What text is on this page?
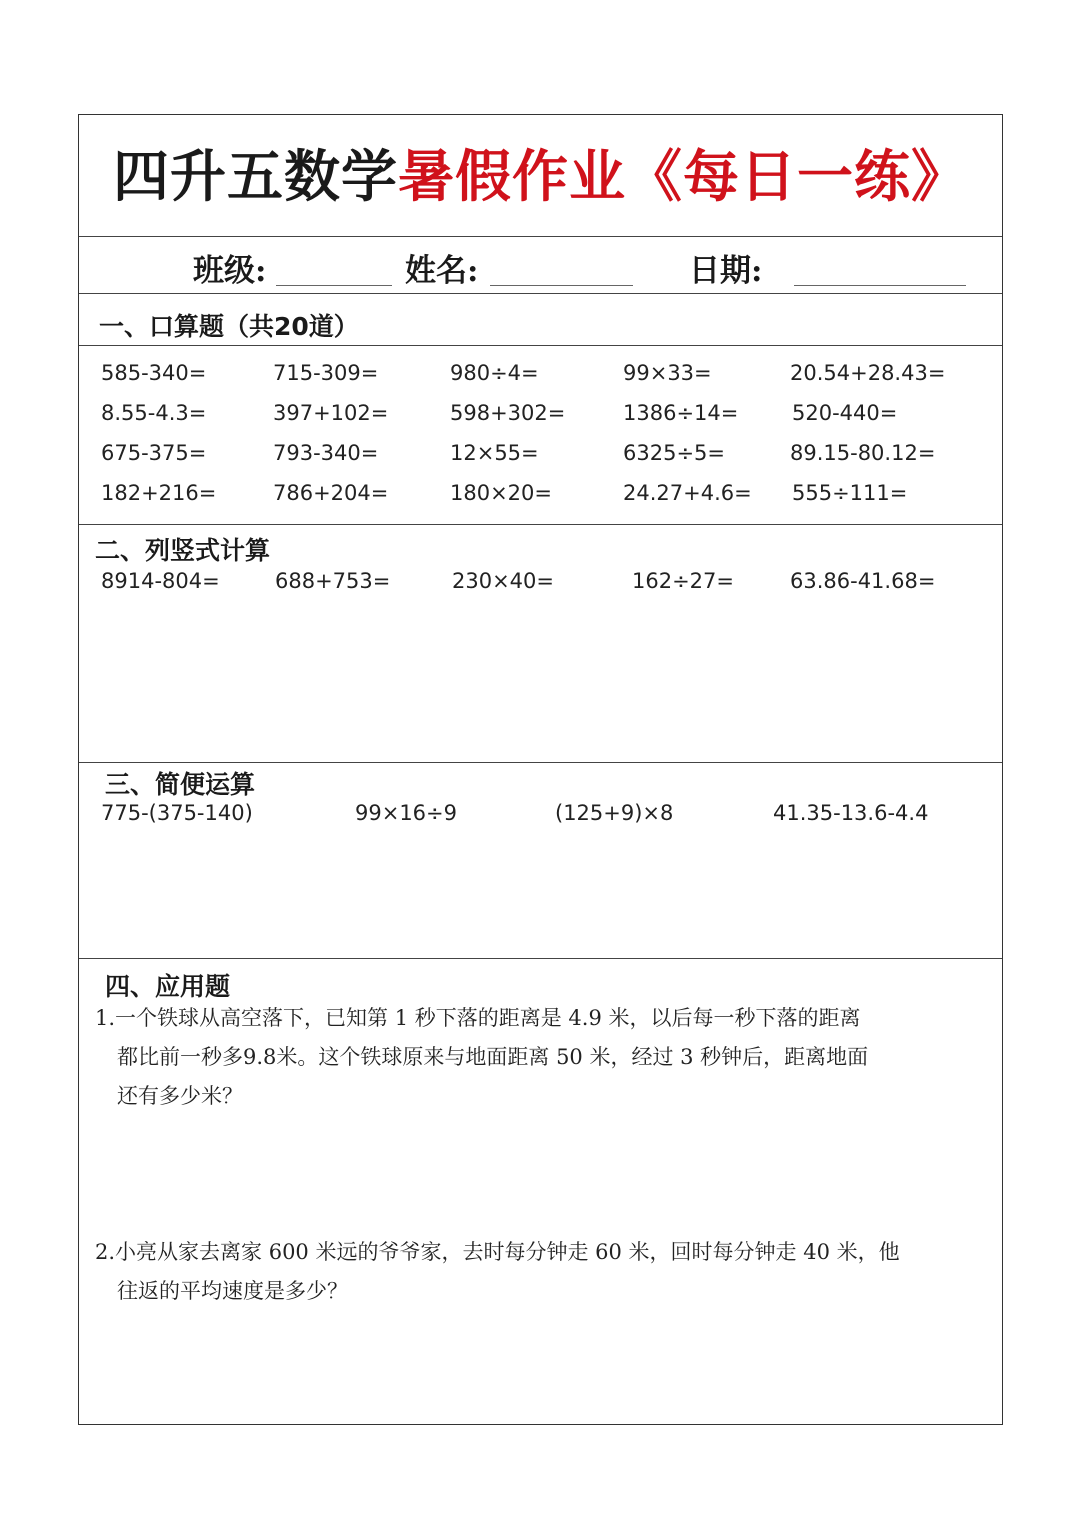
四升五数学暑假作业《每日一练》
班级:	姓名:	日期:
一、口算题（共20道）
585-340=	715-309=	980÷4=	99×33=	20.54+28.43=
8.55-4.3=	397+102=	598+302=	1386÷14=	520-440=
675-375=	793-340=	12×55=	6325÷5=	89.15-80.12=
182+216=	786+204=	180×20=	24.27+4.6= 555÷111=
二、列竖式计算
8914-804=	688+753=	230×40=	162÷27=	63.86-41.68=
三、简便运算
775-(375-140)	99×16÷9	(125+9)×8	41.35-13.6-4.4
四、应用题
1.一个铁球从高空落下，已知第 1 秒下落的距离是 4.9 米，以后每一秒下落的距离
都比前一秒多9.8米。这个铁球原来与地面距离 50 米，经过 3 秒钟后，距离地面
还有多少米？
2.小亮从家去离家 600 米远的爷爷家，去时每分钟走 60 米，回时每分钟走 40 米，他
往返的平均速度是多少？
